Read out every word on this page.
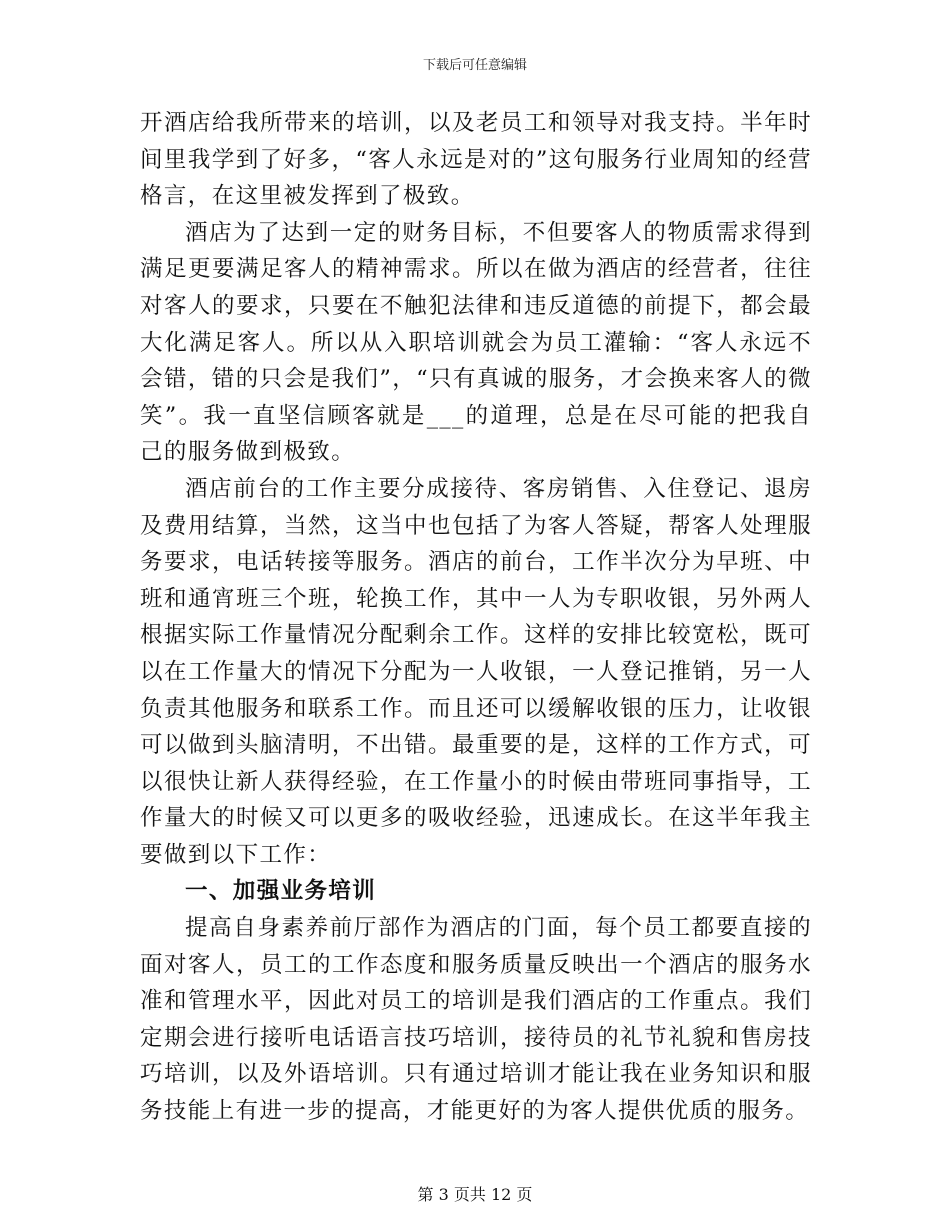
下载后可任意编辑

开酒店给我所带来的培训，以及老员工和领导对我支持。半年时间里我学到了好多，“客人永远是对的”这句服务行业周知的经营格言，在这里被发挥到了极致。

酒店为了达到一定的财务目标，不但要客人的物质需求得到满足更要满足客人的精神需求。所以在做为酒店的经营者，往往对客人的要求，只要在不触犯法律和违反道德的前提下，都会最大化满足客人。所以从入职培训就会为员工灌输：“客人永远不会错，错的只会是我们”，“只有真诚的服务，才会换来客人的微笑”。我一直坚信顾客就是___的道理，总是在尽可能的把我自己的服务做到极致。

酒店前台的工作主要分成接待、客房销售、入住登记、退房及费用结算，当然，这当中也包括了为客人答疑，帮客人处理服务要求，电话转接等服务。酒店的前台，工作半次分为早班、中班和通宵班三个班，轮换工作，其中一人为专职收银，另外两人根据实际工作量情况分配剩余工作。这样的安排比较宽松，既可以在工作量大的情况下分配为一人收银，一人登记推销，另一人负责其他服务和联系工作。而且还可以缓解收银的压力，让收银可以做到头脑清明，不出错。最重要的是，这样的工作方式，可以很快让新人获得经验，在工作量小的时候由带班同事指导，工作量大的时候又可以更多的吸收经验，迅速成长。在这半年我主要做到以下工作：

一、加强业务培训

提高自身素养前厅部作为酒店的门面，每个员工都要直接的面对客人，员工的工作态度和服务质量反映出一个酒店的服务水准和管理水平，因此对员工的培训是我们酒店的工作重点。我们定期会进行接听电话语言技巧培训，接待员的礼节礼貌和售房技巧培训，以及外语培训。只有通过培训才能让我在业务知识和服务技能上有进一步的提高，才能更好的为客人提供优质的服务。

第 3 页共 12 页
